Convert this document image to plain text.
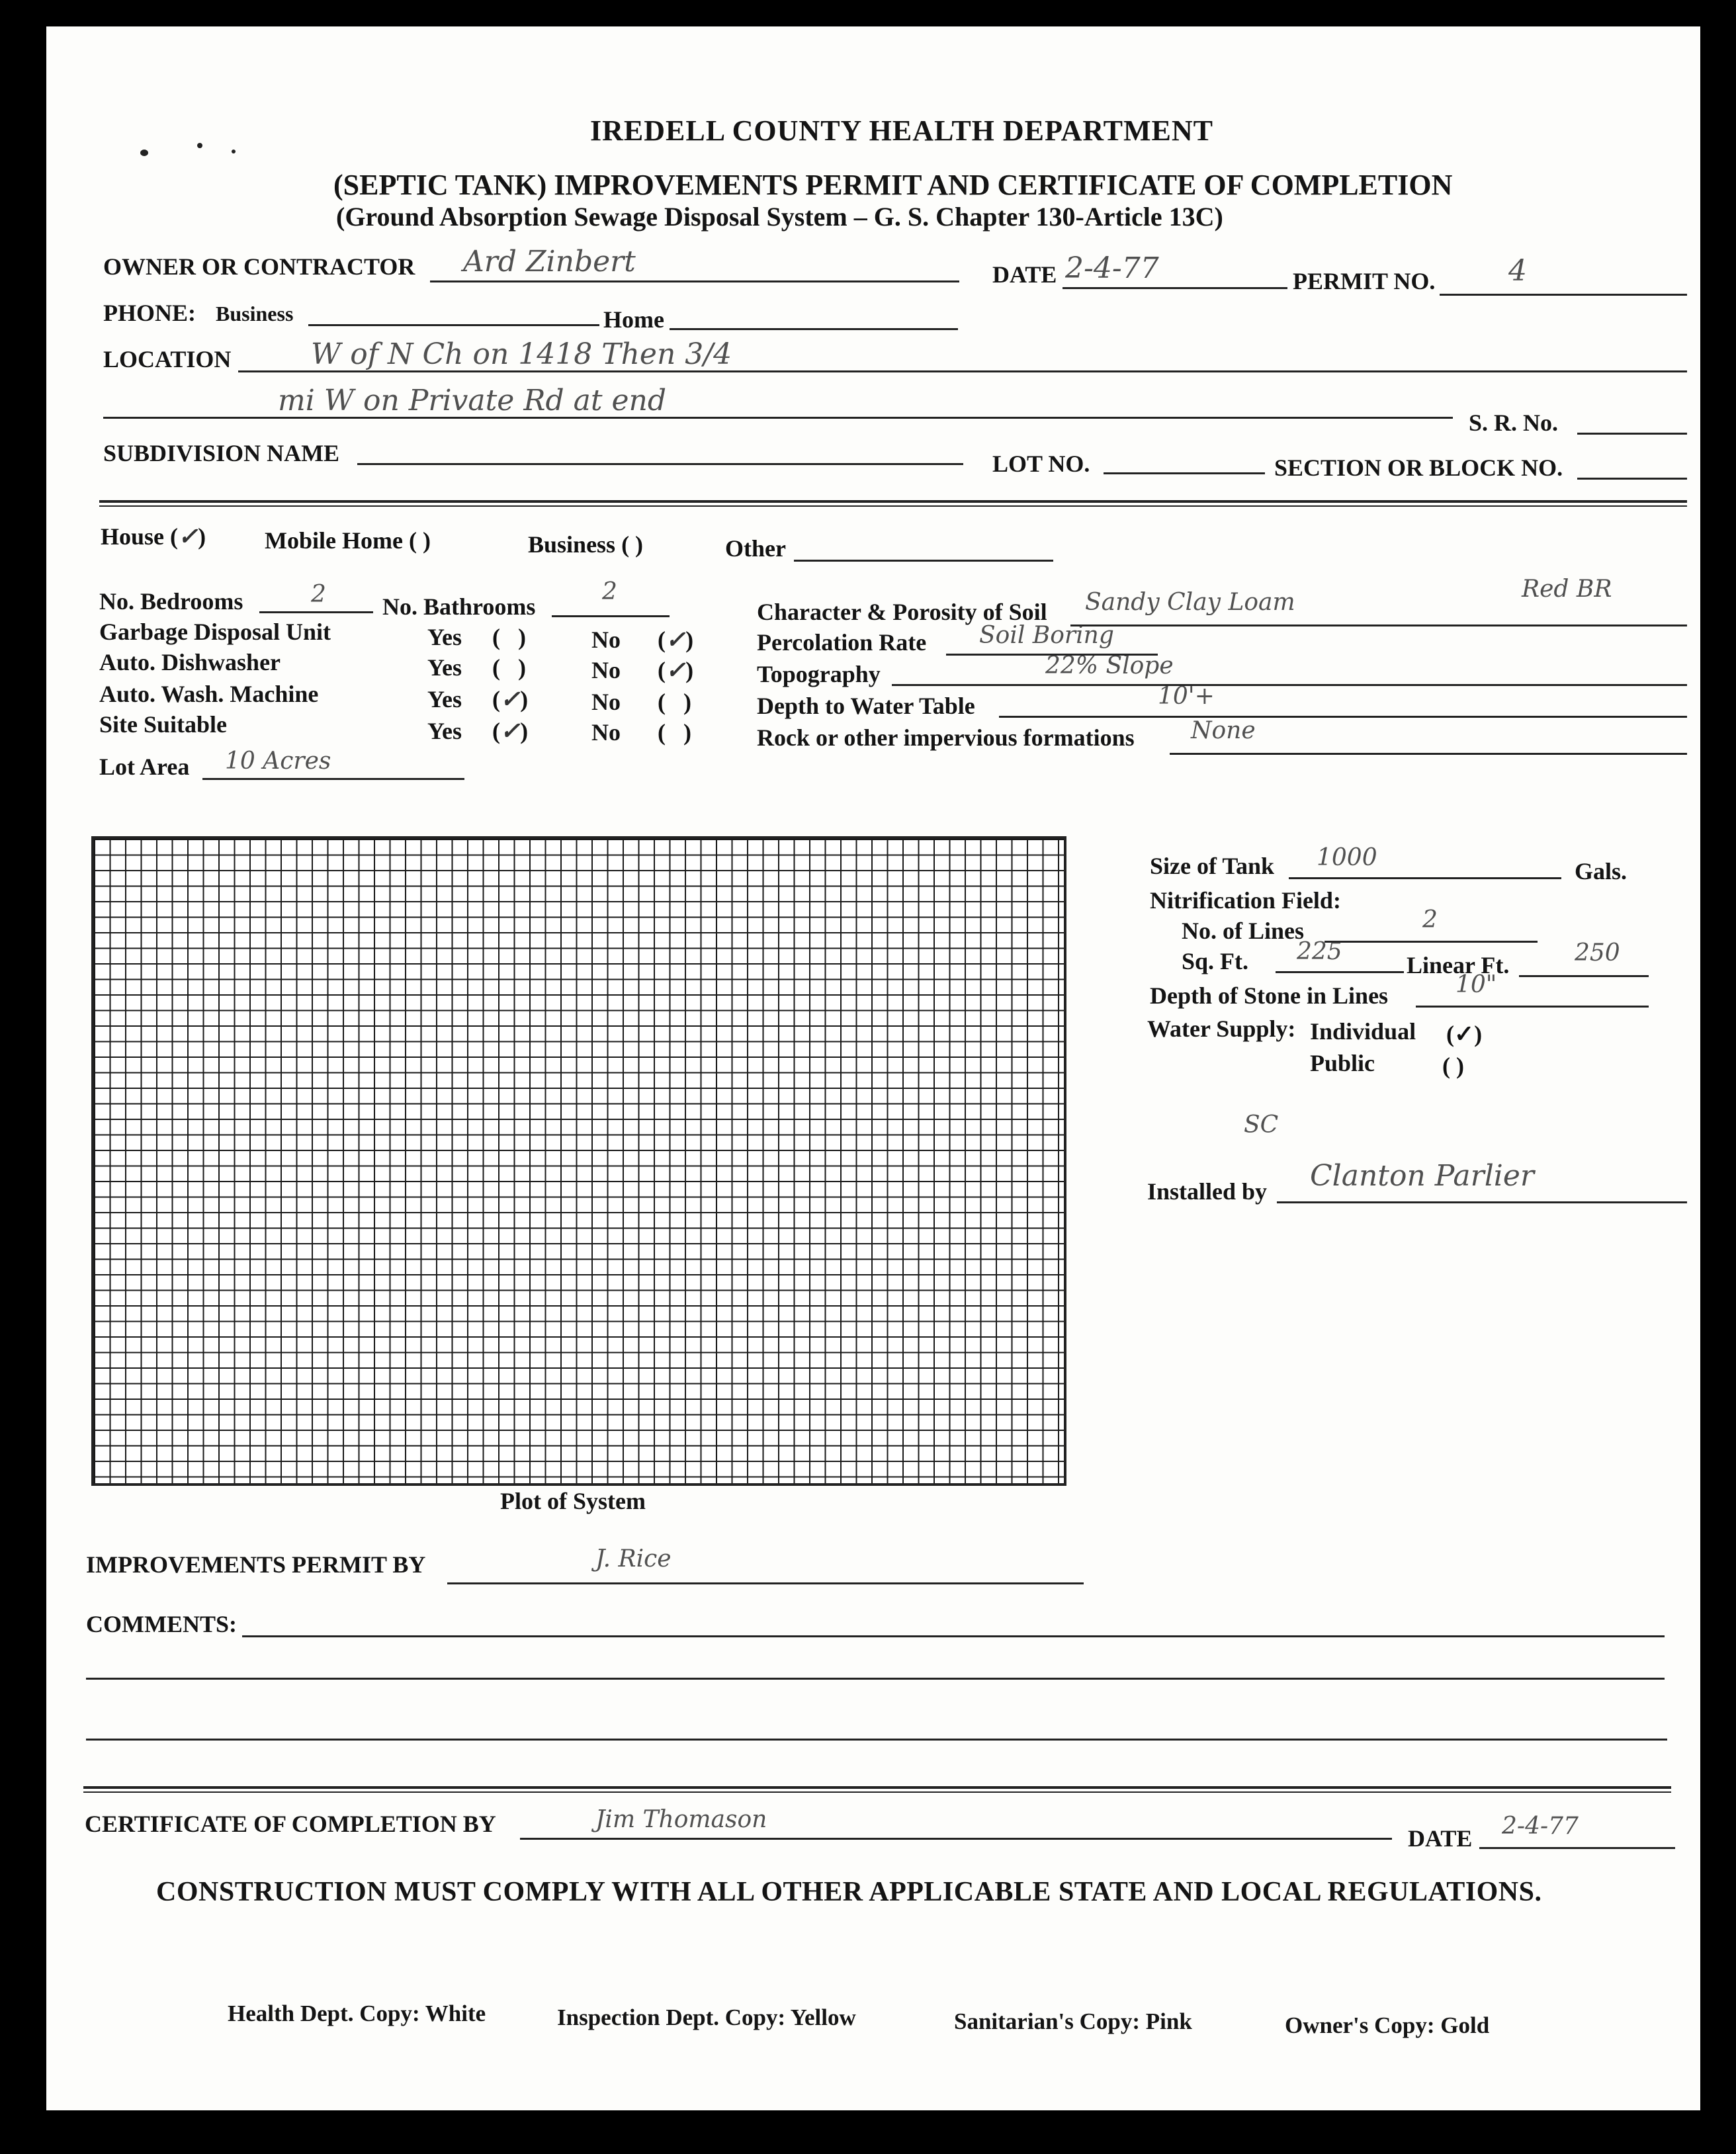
IREDELL COUNTY HEALTH DEPARTMENT
(SEPTIC TANK) IMPROVEMENTS PERMIT AND CERTIFICATE OF COMPLETION
(Ground Absorption Sewage Disposal System – G. S. Chapter 130-Article 13C)
OWNER OR CONTRACTOR Ard Zinbert	DATE 2-4-77	PERMIT NO.	4
PHONE: Business	Home
LOCATION	W of N Ch on 1418 Then 3/4
mi W on Private Rd at end
S. R. No.
SUBDIVISION NAME	LOT NO.	SECTION OR BLOCK NO.
House (✓) Mobile Home ( )	Business ( )	Other
No. Bedrooms	2 No. Bathrooms
2
Garbage Disposal Unit	Yes ( )	No (✓)
Auto. Dishwasher	Yes ( )	No (✓)
Auto. Wash. Machine	Yes (✓)	No ( )
Site Suitable	Yes (✓)	No ( )
Lot Area 10 Acres
Character & Porosity of Soil Sandy Clay Loam	Red BR
Percolation Rate Soil Boring
Topography	22% Slope
Depth to Water Table	10'+
Rock or other impervious formations None
Plot of System
Size of Tank 1000	Gals.
Nitrification Field:
No. of Lines	2
Sq. Ft. 225	Linear Ft.	250
Depth of Stone in Lines	10"
Water Supply: Individual (✓)
Public	( )
SC
Installed by Clanton Parlier
IMPROVEMENTS PERMIT BY	J. Rice
COMMENTS:
CERTIFICATE OF COMPLETION BY	Jim Thomason
DATE 2-4-77
CONSTRUCTION MUST COMPLY WITH ALL OTHER APPLICABLE STATE AND LOCAL REGULATIONS.
Health Dept. Copy: White	Inspection Dept. Copy: Yellow	Sanitarian's Copy: Pink	Owner's Copy: Gold
